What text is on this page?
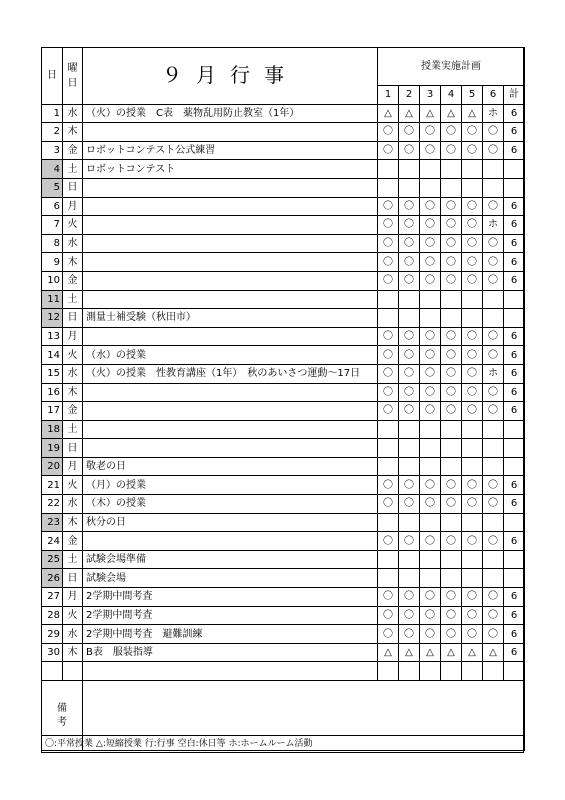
日	曜日	９月行事	授業実施計画						
			1	2	3	4	5	6	計
1	水	（火）の授業　C表　薬物乱用防止教室（1年）	△	△	△	△	△	ホ	6
2	木		〇	〇	〇	〇	〇	〇	6
3	金	ロボットコンテスト公式練習	〇	〇	〇	〇	〇	〇	6
4	土	ロボットコンテスト							
5	日								
6	月		〇	〇	〇	〇	〇	〇	6
7	火		〇	〇	〇	〇	〇	ホ	6
8	水		〇	〇	〇	〇	〇	〇	6
9	木		〇	〇	〇	〇	〇	〇	6
10	金		〇	〇	〇	〇	〇	〇	6
11	土								
12	日	測量士補受験（秋田市）							
13	月		〇	〇	〇	〇	〇	〇	6
14	火	（水）の授業	〇	〇	〇	〇	〇	〇	6
15	水	（火）の授業　性教育講座（1年）　秋のあいさつ運動～17日	〇	〇	〇	〇	〇	ホ	6
16	木		〇	〇	〇	〇	〇	〇	6
17	金		〇	〇	〇	〇	〇	〇	6
18	土								
19	日								
20	月	敬老の日							
21	火	（月）の授業	〇	〇	〇	〇	〇	〇	6
22	水	（木）の授業	〇	〇	〇	〇	〇	〇	6
23	木	秋分の日							
24	金		〇	〇	〇	〇	〇	〇	6
25	土	試験会場準備							
26	日	試験会場							
27	月	2学期中間考査	〇	〇	〇	〇	〇	〇	6
28	火	2学期中間考査	〇	〇	〇	〇	〇	〇	6
29	水	2学期中間考査　避難訓練	〇	〇	〇	〇	〇	〇	6
30	木	B表　服装指導	△	△	△	△	△	△	6

備考									
〇:平常授業 △:短縮授業 行:行事 空白:休日等 ホ:ホームルーム活動
